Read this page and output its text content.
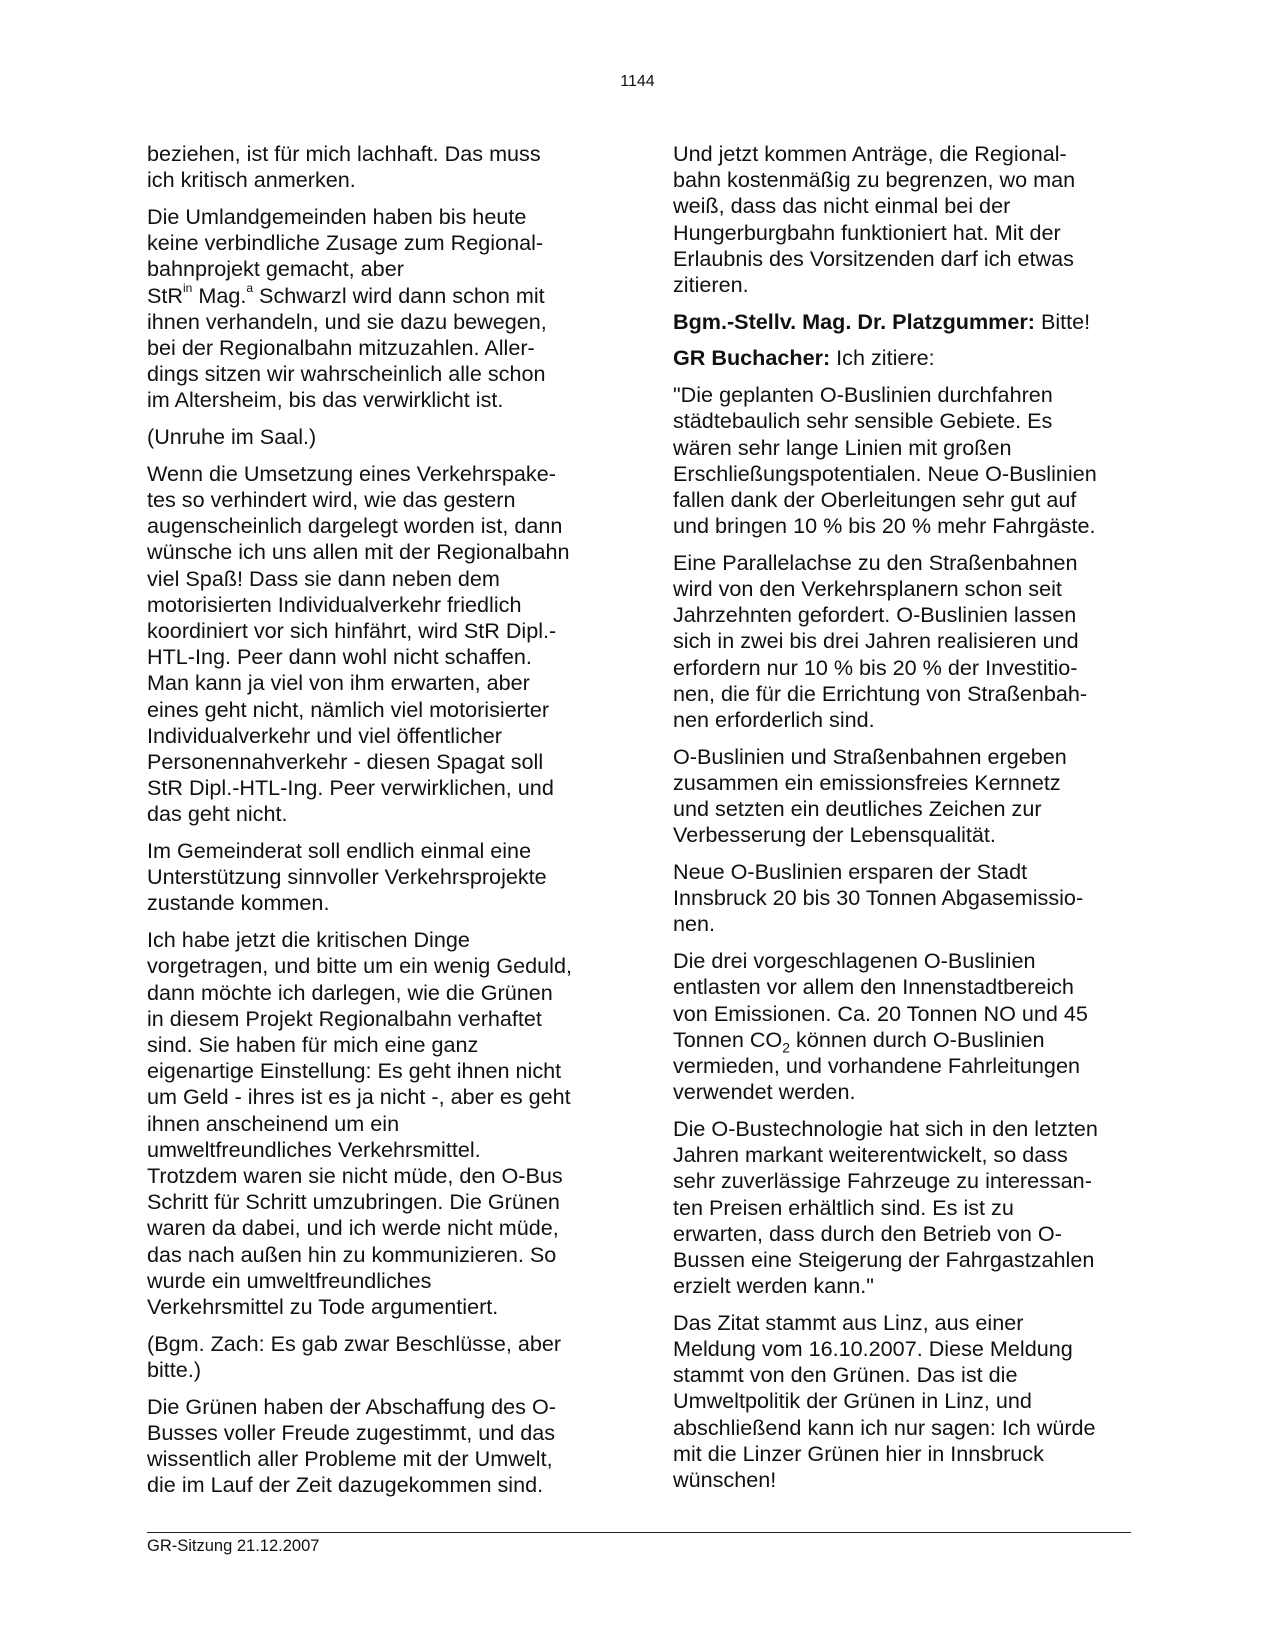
1144

beziehen, ist für mich lachhaft. Das muss
ich kritisch anmerken.

Die Umlandgemeinden haben bis heute
keine verbindliche Zusage zum Regional-
bahnprojekt gemacht, aber
StR$^{in}$ Mag.$^a$ Schwarzl wird dann schon mit
ihnen verhandeln, und sie dazu bewegen,
bei der Regionalbahn mitzuzahlen. Aller-
dings sitzen wir wahrscheinlich alle schon
im Altersheim, bis das verwirklicht ist.

(Unruhe im Saal.)

Wenn die Umsetzung eines Verkehrspake-
tes so verhindert wird, wie das gestern
augenscheinlich dargelegt worden ist, dann
wünsche ich uns allen mit der Regionalbahn
viel Spaß! Dass sie dann neben dem
motorisierten Individualverkehr friedlich
koordiniert vor sich hinfährt, wird StR Dipl.-
HTL-Ing. Peer dann wohl nicht schaffen.
Man kann ja viel von ihm erwarten, aber
eines geht nicht, nämlich viel motorisierter
Individualverkehr und viel öffentlicher
Personennahverkehr - diesen Spagat soll
StR Dipl.-HTL-Ing. Peer verwirklichen, und
das geht nicht.

Im Gemeinderat soll endlich einmal eine
Unterstützung sinnvoller Verkehrsprojekte
zustande kommen.

Ich habe jetzt die kritischen Dinge
vorgetragen, und bitte um ein wenig Geduld,
dann möchte ich darlegen, wie die Grünen
in diesem Projekt Regionalbahn verhaftet
sind. Sie haben für mich eine ganz
eigenartige Einstellung: Es geht ihnen nicht
um Geld - ihres ist es ja nicht -, aber es geht
ihnen anscheinend um ein
umweltfreundliches Verkehrsmittel.
Trotzdem waren sie nicht müde, den O-Bus
Schritt für Schritt umzubringen. Die Grünen
waren da dabei, und ich werde nicht müde,
das nach außen hin zu kommunizieren. So
wurde ein umweltfreundliches
Verkehrsmittel zu Tode argumentiert.

(Bgm. Zach: Es gab zwar Beschlüsse, aber
bitte.)

Die Grünen haben der Abschaffung des O-
Busses voller Freude zugestimmt, und das
wissentlich aller Probleme mit der Umwelt,
die im Lauf der Zeit dazugekommen sind.

Und jetzt kommen Anträge, die Regional-
bahn kostenmäßig zu begrenzen, wo man
weiß, dass das nicht einmal bei der
Hungerburgbahn funktioniert hat. Mit der
Erlaubnis des Vorsitzenden darf ich etwas
zitieren.

Bgm.-Stellv. Mag. Dr. Platzgummer: Bitte!

GR Buchacher: Ich zitiere:

"Die geplanten O-Buslinien durchfahren
städtebaulich sehr sensible Gebiete. Es
wären sehr lange Linien mit großen
Erschließungspotentialen. Neue O-Buslinien
fallen dank der Oberleitungen sehr gut auf
und bringen 10 % bis 20 % mehr Fahrgäste.

Eine Parallelachse zu den Straßenbahnen
wird von den Verkehrsplanern schon seit
Jahrzehnten gefordert. O-Buslinien lassen
sich in zwei bis drei Jahren realisieren und
erfordern nur 10 % bis 20 % der Investitio-
nen, die für die Errichtung von Straßenbah-
nen erforderlich sind.

O-Buslinien und Straßenbahnen ergeben
zusammen ein emissionsfreies Kernnetz
und setzten ein deutliches Zeichen zur
Verbesserung der Lebensqualität.

Neue O-Buslinien ersparen der Stadt
Innsbruck 20 bis 30 Tonnen Abgasemissio-
nen.

Die drei vorgeschlagenen O-Buslinien
entlasten vor allem den Innenstadtbereich
von Emissionen. Ca. 20 Tonnen NO und 45
Tonnen $CO_2$ können durch O-Buslinien
vermieden, und vorhandene Fahrleitungen
verwendet werden.

Die O-Bustechnologie hat sich in den letzten
Jahren markant weiterentwickelt, so dass
sehr zuverlässige Fahrzeuge zu interessan-
ten Preisen erhältlich sind. Es ist zu
erwarten, dass durch den Betrieb von O-
Bussen eine Steigerung der Fahrgastzahlen
erzielt werden kann."

Das Zitat stammt aus Linz, aus einer
Meldung vom 16.10.2007. Diese Meldung
stammt von den Grünen. Das ist die
Umweltpolitik der Grünen in Linz, und
abschließend kann ich nur sagen: Ich würde
mit die Linzer Grünen hier in Innsbruck
wünschen!

GR-Sitzung 21.12.2007
